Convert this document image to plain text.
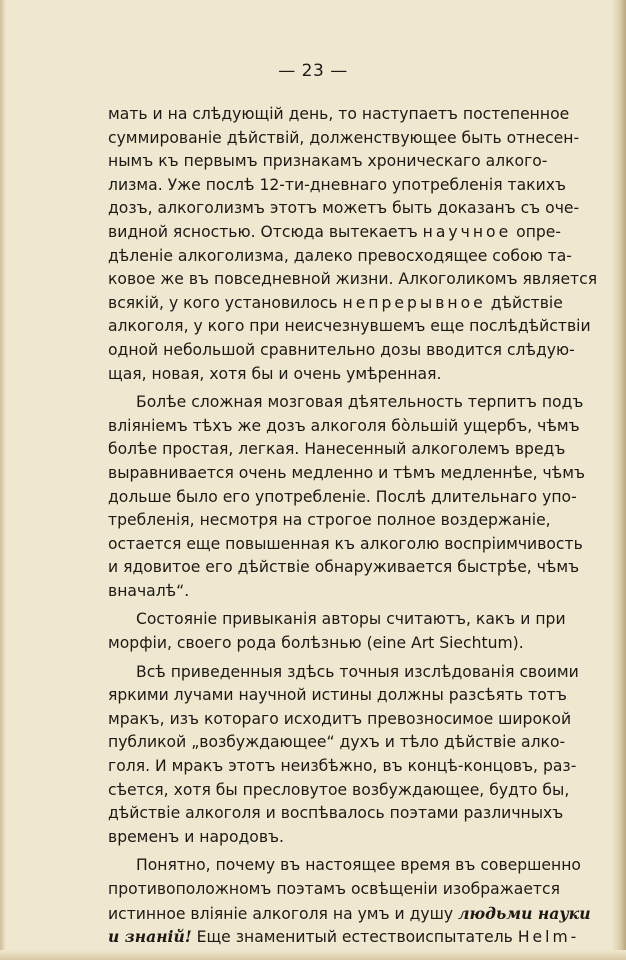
— 23 —
мать и на слѣдующій день, то наступаетъ постепенное
суммированіе дѣйствій, долженствующее быть отнесен-
нымъ къ первымъ признакамъ хроническаго алкого-
лизма. Уже послѣ 12-ти-дневнаго употребленія такихъ
дозъ, алкоголизмъ этотъ можетъ быть доказанъ съ оче-
видной ясностью. Отсюда вытекаетъ научное опре-
дѣленіе алкоголизма, далеко превосходящее собою та-
ковое же въ повседневной жизни. Алкоголикомъ является
всякій, у кого установилось непрерывное дѣйствіе
алкоголя, у кого при неисчезнувшемъ еще послѣдѣйствіи
одной небольшой сравнительно дозы вводится слѣдую-
щая, новая, хотя бы и очень умѣренная.
Болѣе сложная мозговая дѣятельность терпитъ подъ
вліяніемъ тѣхъ же дозъ алкоголя бо̀льшій ущербъ, чѣмъ
болѣе простая, легкая. Нанесенный алкоголемъ вредъ
выравнивается очень медленно и тѣмъ медленнѣе, чѣмъ
дольше было его употребленіе. Послѣ длительнаго упо-
требленія, несмотря на строгое полное воздержаніе,
остается еще повышенная къ алкоголю воспріимчивость
и ядовитое его дѣйствіе обнаруживается быстрѣе, чѣмъ
вначалѣ“.
Состояніе привыканія авторы считаютъ, какъ и при
морфіи, своего рода болѣзнью (eine Art Siechtum).
Всѣ приведенныя здѣсь точныя изслѣдованія своими
яркими лучами научной истины должны разсѣять тотъ
мракъ, изъ котораго исходитъ превозносимое широкой
публикой „возбуждающее“ духъ и тѣло дѣйствіе алко-
голя. И мракъ этотъ неизбѣжно, въ концѣ-концовъ, раз-
сѣется, хотя бы пресловутое возбуждающее, будто бы,
дѣйствіе алкоголя и воспѣвалось поэтами различныхъ
временъ и народовъ.
Понятно, почему въ настоящее время въ совершенно
противоположномъ поэтамъ освѣщеніи изображается
истинное вліяніе алкоголя на умъ и душу людьми науки
и знаній! Еще знаменитый естествоиспытатель Helm-
